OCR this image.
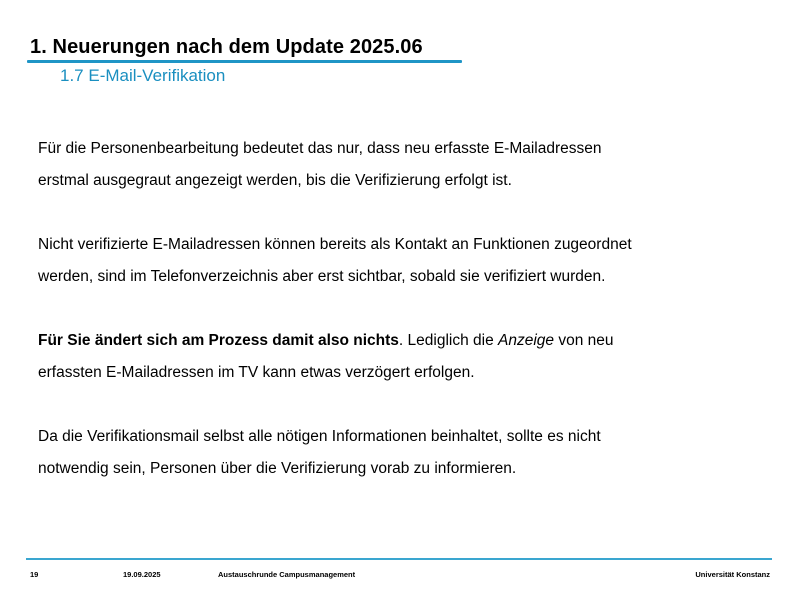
1. Neuerungen nach dem Update 2025.06
1.7 E-Mail-Verifikation

Für die Personenbearbeitung bedeutet das nur, dass neu erfasste E-Mailadressen
erstmal ausgegraut angezeigt werden, bis die Verifizierung erfolgt ist.

Nicht verifizierte E-Mailadressen können bereits als Kontakt an Funktionen zugeordnet
werden, sind im Telefonverzeichnis aber erst sichtbar, sobald sie verifiziert wurden.

Für Sie ändert sich am Prozess damit also nichts. Lediglich die Anzeige von neu
erfassten E-Mailadressen im TV kann etwas verzögert erfolgen.

Da die Verifikationsmail selbst alle nötigen Informationen beinhaltet, sollte es nicht
notwendig sein, Personen über die Verifizierung vorab zu informieren.

19	19.09.2025	Austauschrunde Campusmanagement	Universität Konstanz
